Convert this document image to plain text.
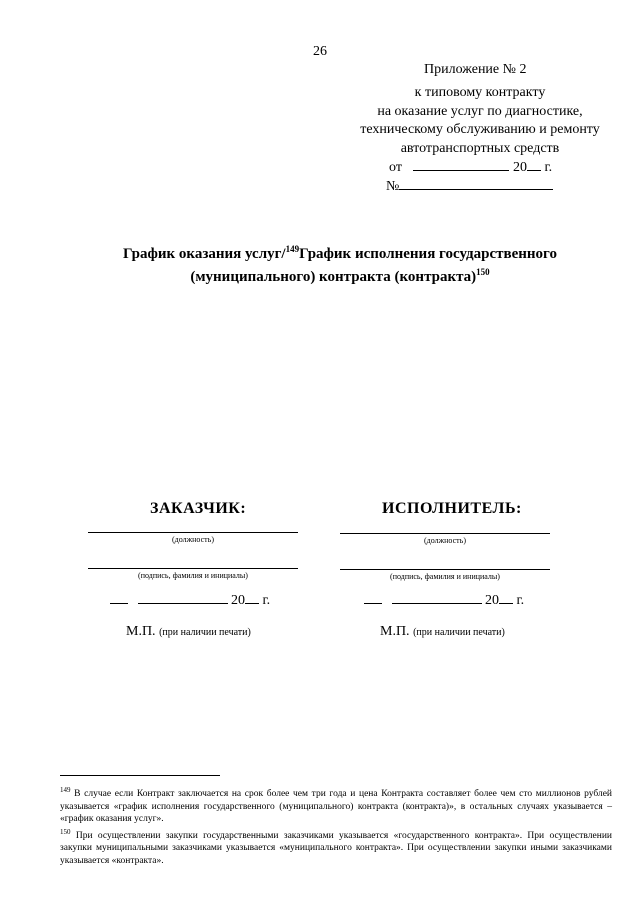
26
Приложение № 2
к типовому контракту
на оказание услуг по диагностике,
техническому обслуживанию и ремонту
автотранспортных средств
от	20 г.
№
График оказания услуг/$^{149}$График исполнения государственного
(муниципального) контракта (контракта)$^{150}$
ЗАКАЗЧИК:
(должность)
(подпись, фамилия и инициалы)
20 г.
М.П. (при наличии печати)
ИСПОЛНИТЕЛЬ:
(должность)
(подпись, фамилия и инициалы)
20 г.
М.П. (при наличии печати)

$^{149}$ В случае если Контракт заключается на срок более чем три года и цена Контракта составляет более чем сто миллионов рублей указывается «график исполнения государственного (муниципального) контракта (контракта)», в остальных случаях указывается – «график оказания услуг».

$^{150}$ При осуществлении закупки государственными заказчиками указывается «государственного контракта». При осуществлении закупки муниципальными заказчиками указывается «муниципального контракта». При осуществлении закупки иными заказчиками указывается «контракта».
